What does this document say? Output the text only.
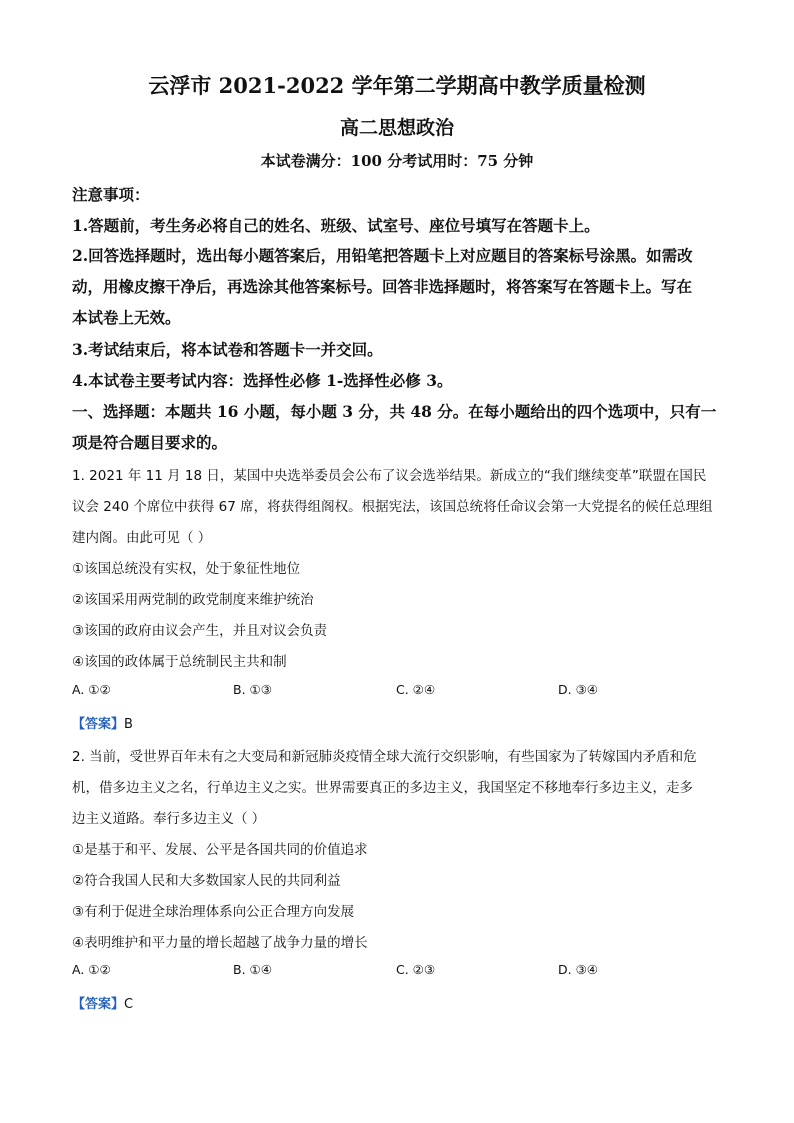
云浮市 2021-2022 学年第二学期高中教学质量检测
高二思想政治
本试卷满分：100 分考试用时：75 分钟
注意事项：
1.答题前，考生务必将自己的姓名、班级、试室号、座位号填写在答题卡上。
2.回答选择题时，选出每小题答案后，用铅笔把答题卡上对应题目的答案标号涂黑。如需改
动，用橡皮擦干净后，再选涂其他答案标号。回答非选择题时，将答案写在答题卡上。写在
本试卷上无效。
3.考试结束后，将本试卷和答题卡一并交回。
4.本试卷主要考试内容：选择性必修 1-选择性必修 3。
一、选择题：本题共 16 小题，每小题 3 分，共 48 分。在每小题给出的四个选项中，只有一
项是符合题目要求的。
1. 2021 年 11 月 18 日，某国中央选举委员会公布了议会选举结果。新成立的“我们继续变革”联盟在国民
议会 240 个席位中获得 67 席，将获得组阁权。根据宪法，该国总统将任命议会第一大党提名的候任总理组
建内阁。由此可见（ ）
①该国总统没有实权，处于象征性地位
②该国采用两党制的政党制度来维护统治
③该国的政府由议会产生，并且对议会负责
④该国的政体属于总统制民主共和制
A. ①②	B. ①③	C. ②④	D. ③④
【答案】B
2. 当前，受世界百年未有之大变局和新冠肺炎疫情全球大流行交织影响，有些国家为了转嫁国内矛盾和危
机，借多边主义之名，行单边主义之实。世界需要真正的多边主义，我国坚定不移地奉行多边主义，走多
边主义道路。奉行多边主义（ ）
①是基于和平、发展、公平是各国共同的价值追求
②符合我国人民和大多数国家人民的共同利益
③有利于促进全球治理体系向公正合理方向发展
④表明维护和平力量的增长超越了战争力量的增长
A. ①②	B. ①④	C. ②③	D. ③④
【答案】C
